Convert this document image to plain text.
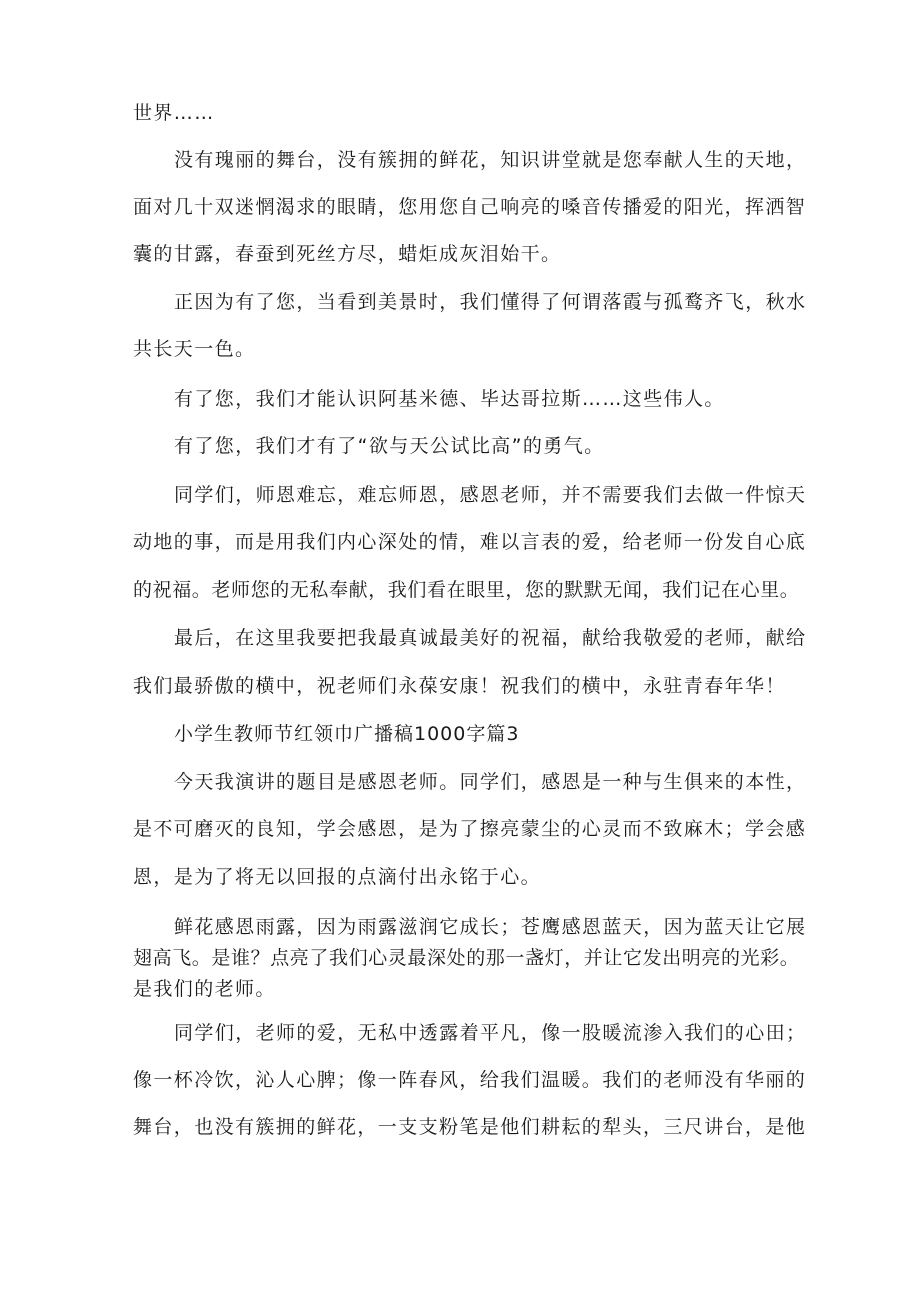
世界……
没有瑰丽的舞台，没有簇拥的鲜花，知识讲堂就是您奉献人生的天地，
面对几十双迷惘渴求的眼睛，您用您自己响亮的嗓音传播爱的阳光，挥洒智
囊的甘露，春蚕到死丝方尽，蜡炬成灰泪始干。
正因为有了您，当看到美景时，我们懂得了何谓落霞与孤鹜齐飞，秋水
共长天一色。
有了您，我们才能认识阿基米德、毕达哥拉斯……这些伟人。
有了您，我们才有了“欲与天公试比高”的勇气。
同学们，师恩难忘，难忘师恩，感恩老师，并不需要我们去做一件惊天
动地的事，而是用我们内心深处的情，难以言表的爱，给老师一份发自心底
的祝福。老师您的无私奉献，我们看在眼里，您的默默无闻，我们记在心里。
最后，在这里我要把我最真诚最美好的祝福，献给我敬爱的老师，献给
我们最骄傲的横中，祝老师们永葆安康！祝我们的横中，永驻青春年华！
小学生教师节红领巾广播稿1000字篇3
今天我演讲的题目是感恩老师。同学们，感恩是一种与生俱来的本性，
是不可磨灭的良知，学会感恩，是为了擦亮蒙尘的心灵而不致麻木；学会感
恩，是为了将无以回报的点滴付出永铭于心。
鲜花感恩雨露，因为雨露滋润它成长；苍鹰感恩蓝天，因为蓝天让它展
翅高飞。是谁？点亮了我们心灵最深处的那一盏灯，并让它发出明亮的光彩。
是我们的老师。
同学们，老师的爱，无私中透露着平凡，像一股暖流渗入我们的心田；
像一杯冷饮，沁人心脾；像一阵春风，给我们温暖。我们的老师没有华丽的
舞台，也没有簇拥的鲜花，一支支粉笔是他们耕耘的犁头，三尺讲台，是他
